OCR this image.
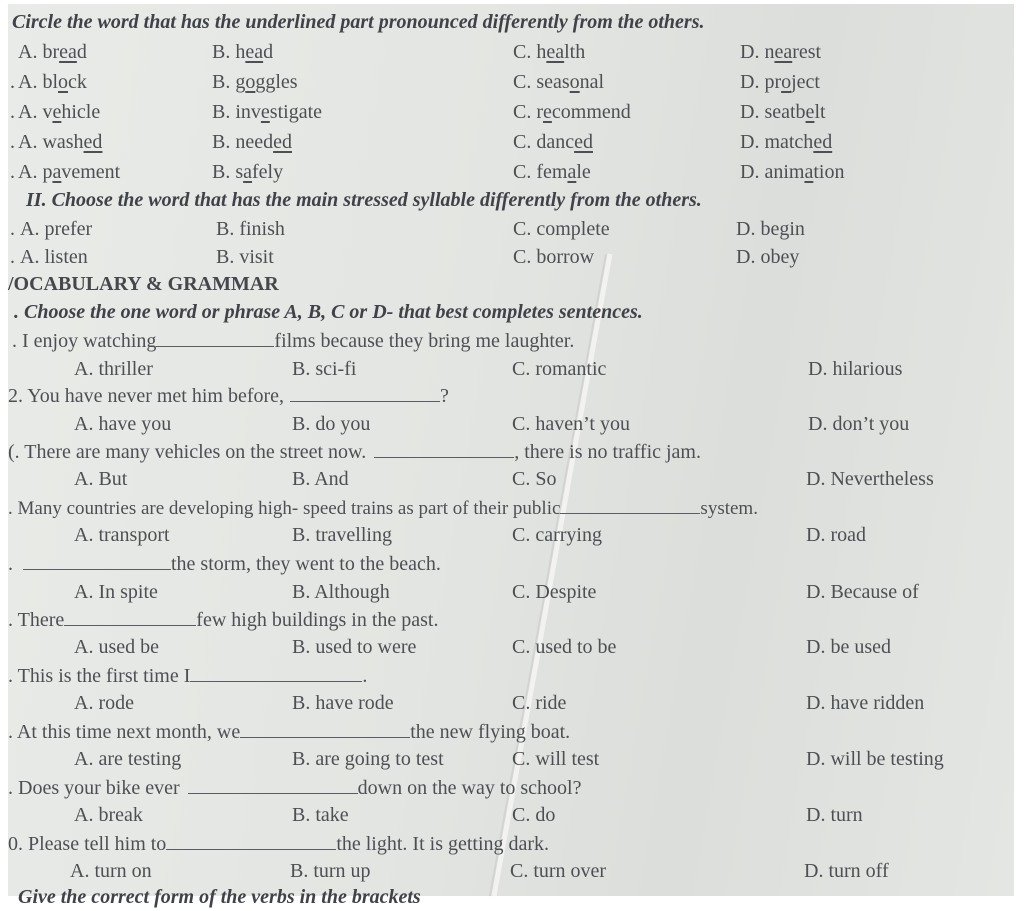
Circle the word that has the underlined part pronounced differently from the others.
A. bread	B. head	C. health	D. nearest
. A. block	B. goggles	C. seasonal	D. project
. A. vehicle	B. investigate	C. recommend	D. seatbelt
. A. washed	B. needed	C. danced	D. matched
. A. pavement	B. safely	C. female	D. animation
II. Choose the word that has the main stressed syllable differently from the others.
. A. prefer	B. finish	C. complete	D. begin
. A. listen	B. visit	C. borrow	D. obey
/OCABULARY & GRAMMAR
. Choose the one word or phrase A, B, C or D- that best completes sentences.
. I enjoy watching	films because they bring me laughter.
A. thriller	B. sci-fi	C. romantic	D. hilarious
2. You have never met him before,	?
A. have you	B. do you	C. haven’t you	D. don’t you
(. There are many vehicles on the street now.	, there is no traffic jam.
A. But	B. And	C. So	D. Nevertheless
. Many countries are developing high- speed trains as part of their public	system.
A. transport	B. travelling	C. carrying	D. road
.	the storm, they went to the beach.
A. In spite	B. Although	C. Despite	D. Because of
. There	few high buildings in the past.
A. used be	B. used to were	C. used to be	D. be used
. This is the first time I	.
A. rode	B. have rode	C. ride	D. have ridden
. At this time next month, we	the new flying boat.
A. are testing	B. are going to test	C. will test	D. will be testing
. Does your bike ever	down on the way to school?
A. break	B. take	C. do	D. turn
0. Please tell him to	the light. It is getting dark.
A. turn on	B. turn up	C. turn over	D. turn off
Give the correct form of the verbs in the brackets
